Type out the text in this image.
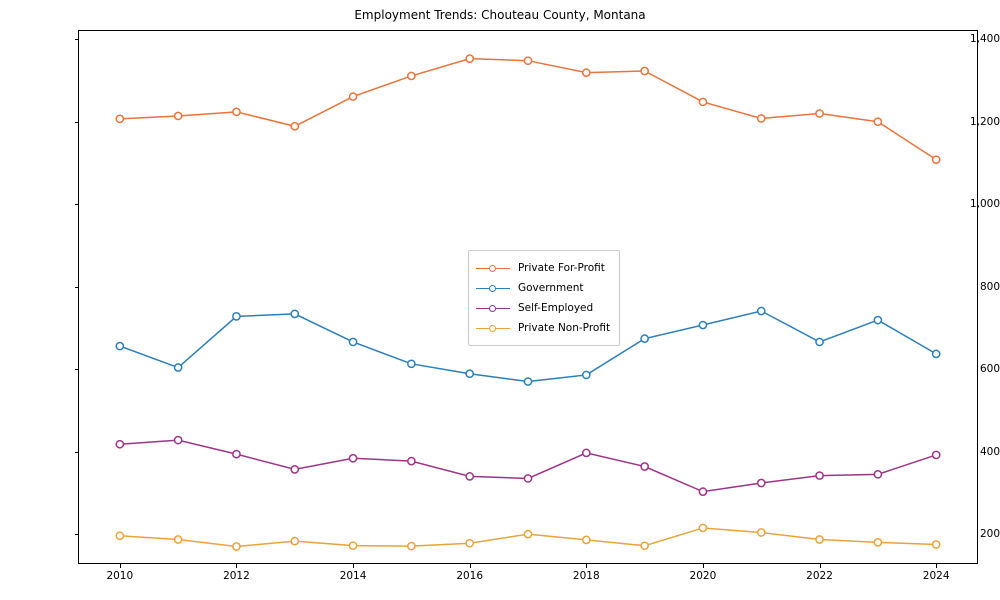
Employment Trends: Chouteau County, Montana
200
400
600
800
1,000
1,200
1,400
2010	2012	2014	2016	2018	2020	2022	2024
Private For-Profit
Government
Self-Employed
Private Non-Profit
